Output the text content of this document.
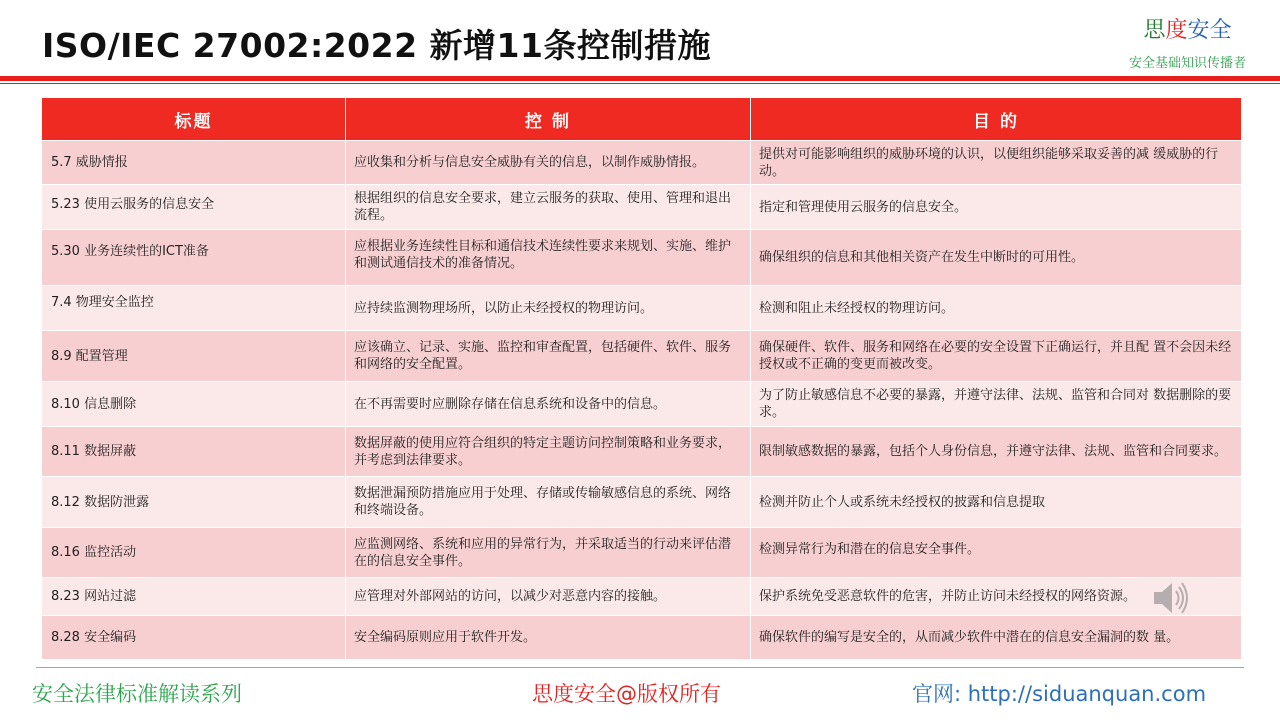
ISO/IEC 27002:2022 新增11条控制措施	思度安全
安全基础知识传播者
标题	控 制	目 的

5.7 威胁情报	应收集和分析与信息安全威胁有关的信息，以制作威胁情报。	提供对可能影响组织的威胁环境的认识，以便组织能够采取妥善的减 缓威胁的行动。

5.23 使用云服务的信息安全	根据组织的信息安全要求，建立云服务的获取、使用、管理和退出流程。	指定和管理使用云服务的信息安全。

5.30 业务连续性的ICT准备	应根据业务连续性目标和通信技术连续性要求来规划、实施、维护和测试通信技术的准备情况。	确保组织的信息和其他相关资产在发生中断时的可用性。

7.4 物理安全监控	应持续监测物理场所，以防止未经授权的物理访问。	检测和阻止未经授权的物理访问。

8.9 配置管理	应该确立、记录、实施、监控和审查配置，包括硬件、软件、服务和网络的安全配置。	确保硬件、软件、服务和网络在必要的安全设置下正确运行，并且配 置不会因未经授权或不正确的变更而被改变。

8.10 信息删除	在不再需要时应删除存储在信息系统和设备中的信息。	为了防止敏感信息不必要的暴露，并遵守法律、法规、监管和合同对 数据删除的要求。

8.11 数据屏蔽	数据屏蔽的使用应符合组织的特定主题访问控制策略和业务要求，并考虑到法律要求。	限制敏感数据的暴露，包括个人身份信息，并遵守法律、法规、监管和合同要求。

8.12 数据防泄露	数据泄漏预防措施应用于处理、存储或传输敏感信息的系统、网络和终端设备。	检测并防止个人或系统未经授权的披露和信息提取

8.16 监控活动	应监测网络、系统和应用的异常行为，并采取适当的行动来评估潜在的信息安全事件。	检测异常行为和潜在的信息安全事件。

8.23 网站过滤	应管理对外部网站的访问，以减少对恶意内容的接触。	保护系统免受恶意软件的危害，并防止访问未经授权的网络资源。

8.28 安全编码	安全编码原则应用于软件开发。	确保软件的编写是安全的，从而减少软件中潜在的信息安全漏洞的数 量。
安全法律标准解读系列	思度安全@版权所有	官网: http://siduanquan.com
